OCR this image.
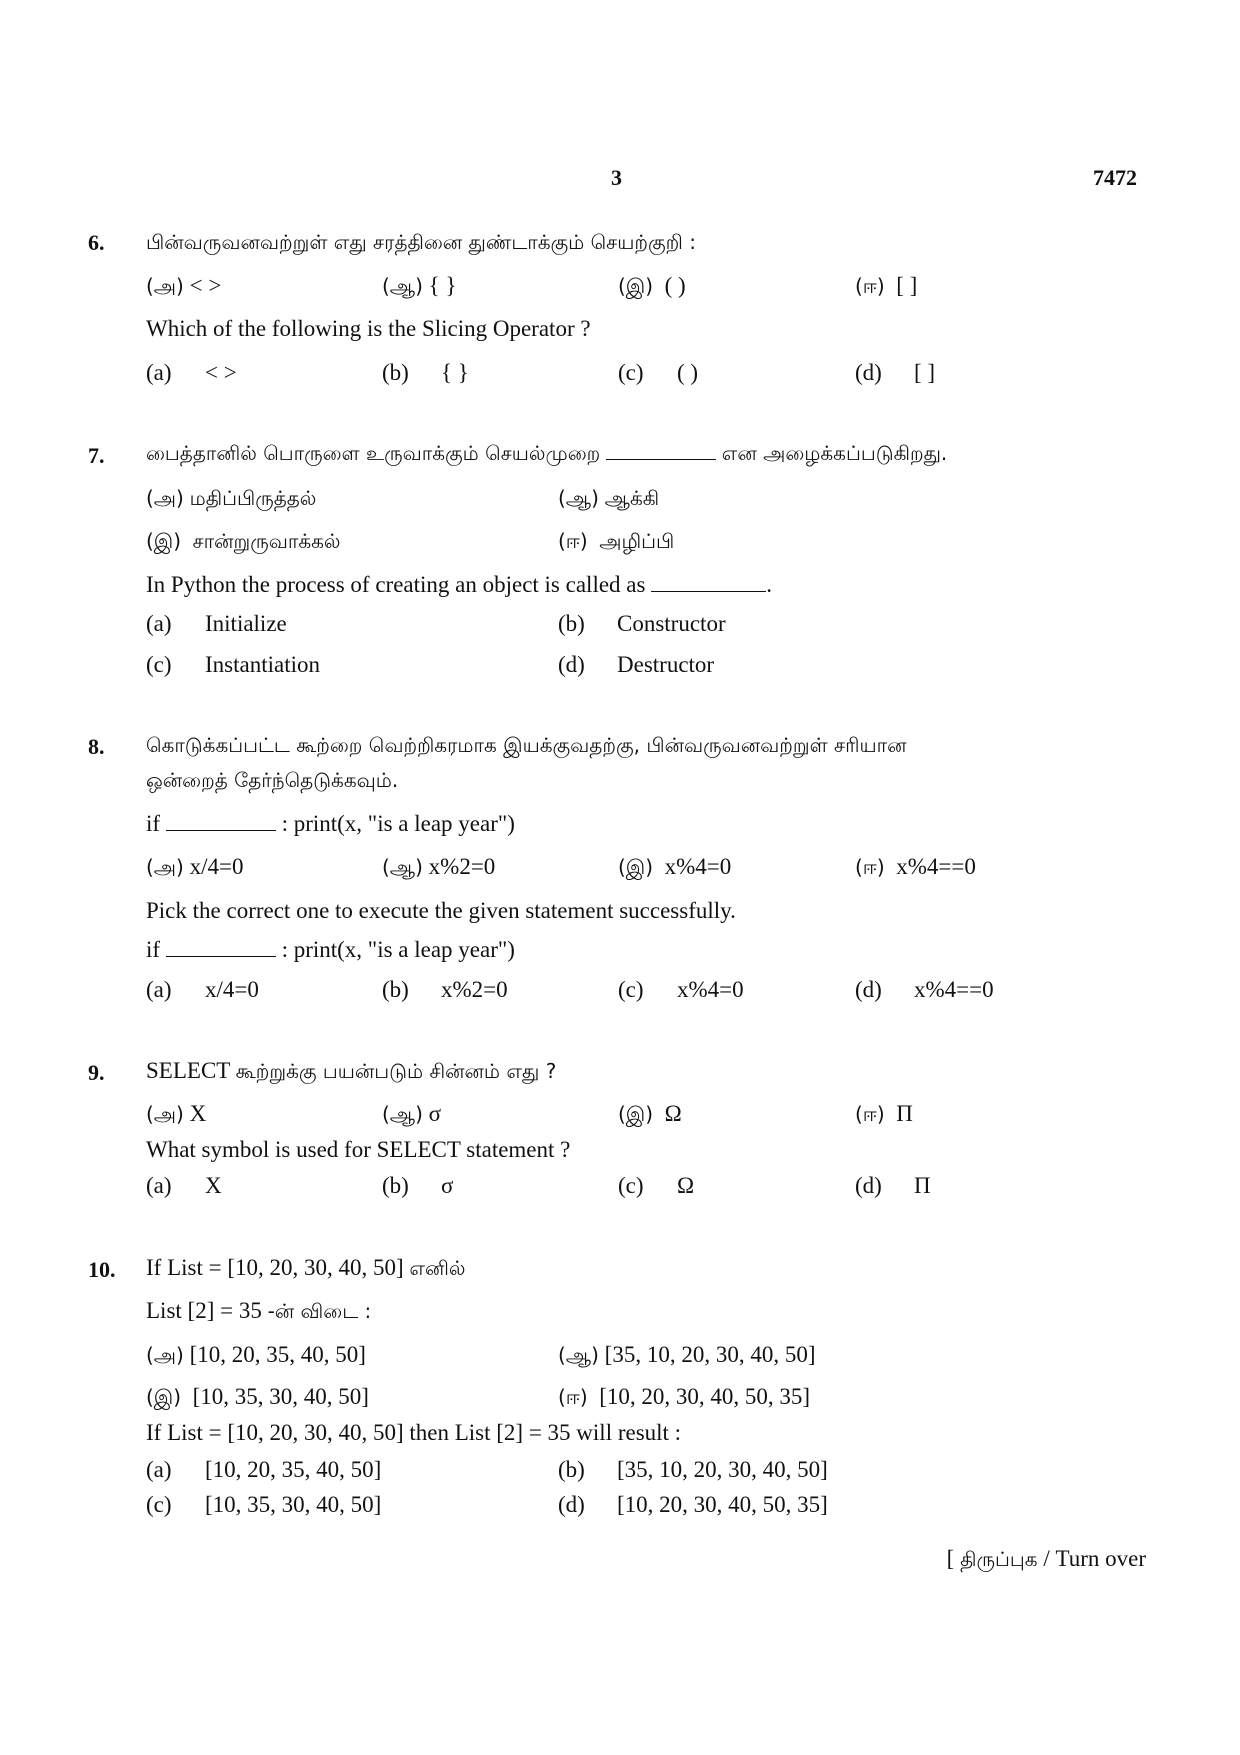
3	7472
6. பின்வருவனவற்றுள் எது சரத்தினை துண்டாக்கும் செயற்குறி :
(அ) < >	(ஆ) { }	(இ) ( )	(ஈ) [ ]
Which of the following is the Slicing Operator ?
(a) < >	(b) { }	(c) ( )	(d) [ ]
7. பைத்தானில் பொருளை உருவாக்கும் செயல்முறை	என அழைக்கப்படுகிறது.
(அ) மதிப்பிருத்தல்	(ஆ) ஆக்கி
(இ) சான்றுருவாக்கல்	(ஈ) அழிப்பி
In Python the process of creating an object is called as	.
(a) Initialize	(b) Constructor
(c) Instantiation	(d) Destructor
8. கொடுக்கப்பட்ட கூற்றை வெற்றிகரமாக இயக்குவதற்கு, பின்வருவனவற்றுள் சரியான
ஒன்றைத் தேர்ந்தெடுக்கவும்.
if	: print(x, "is a leap year")
(அ) x/4=0	(ஆ) x%2=0	(இ) x%4=0	(ஈ) x%4==0
Pick the correct one to execute the given statement successfully.
if	: print(x, "is a leap year")
(a) x/4=0	(b) x%2=0	(c) x%4=0	(d) x%4==0
9. SELECT கூற்றுக்கு பயன்படும் சின்னம் எது ?
(அ) X	(ஆ) σ	(இ) Ω	(ஈ) Π
What symbol is used for SELECT statement ?
(a) X	(b) σ	(c) Ω	(d) Π
10. If List = [10, 20, 30, 40, 50] எனில்
List [2] = 35 -ன் விடை :
(அ) [10, 20, 35, 40, 50]	(ஆ) [35, 10, 20, 30, 40, 50]
(இ) [10, 35, 30, 40, 50]	(ஈ) [10, 20, 30, 40, 50, 35]
If List = [10, 20, 30, 40, 50] then List [2] = 35 will result :
(a) [10, 20, 35, 40, 50]	(b) [35, 10, 20, 30, 40, 50]
(c) [10, 35, 30, 40, 50]	(d) [10, 20, 30, 40, 50, 35]
[ திருப்புக / Turn over
